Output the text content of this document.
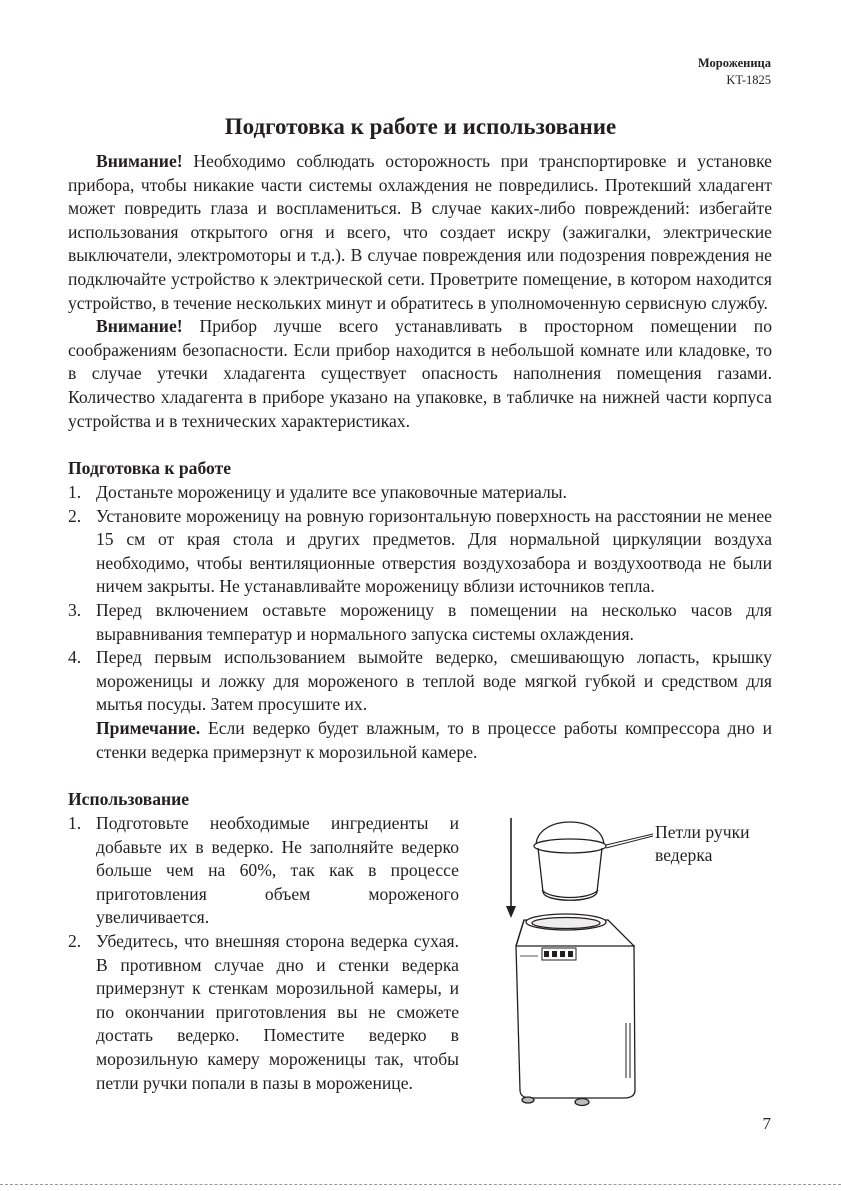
Мороженица
KT-1825
Подготовка к работе и использование

Внимание! Необходимо соблюдать осторожность при транспортировке и установке прибора, чтобы никакие части системы охлаждения не повредились. Протекший хладагент может повредить глаза и воспламениться. В случае каких-либо повреждений: избегайте использования открытого огня и всего, что создает искру (зажигалки, электрические выключатели, электромоторы и т.д.). В случае повреждения или подозрения повреждения не подключайте устройство к электрической сети. Проветрите помещение, в котором находится устройство, в течение нескольких минут и обратитесь в уполномоченную сервисную службу.

Внимание! Прибор лучше всего устанавливать в просторном помещении по соображениям безопасности. Если прибор находится в небольшой комнате или кладовке, то в случае утечки хладагента существует опасность наполнения помещения газами. Количество хладагента в приборе указано на упаковке, в табличке на нижней части корпуса устройства и в технических характеристиках.

Подготовка к работе

1. Достаньте мороженицу и удалите все упаковочные материалы.

2. Установите мороженицу на ровную горизонтальную поверхность на расстоянии не менее 15 см от края стола и других предметов. Для нормальной циркуляции воздуха необходимо, чтобы вентиляционные отверстия воздухозабора и воздухоотвода не были ничем закрыты. Не устанавливайте мороженицу вблизи источников тепла.

3. Перед включением оставьте мороженицу в помещении на несколько часов для выравнивания температур и нормального запуска системы охлаждения.

4. Перед первым использованием вымойте ведерко, смешивающую лопасть, крышку мороженицы и ложку для мороженого в теплой воде мягкой губкой и средством для мытья посуды. Затем просушите их.

Примечание. Если ведерко будет влажным, то в процессе работы компрессора дно и стенки ведерка примерзнут к морозильной камере.

Использование

1. Подготовьте необходимые ингредиенты и добавьте их в ведерко. Не заполняйте ведерко больше чем на 60%, так как в процессе приготовления объем мороженого увеличивается.

2. Убедитесь, что внешняя сторона ведерка сухая. В противном случае дно и стенки ведерка примерзнут к стенкам морозильной камеры, и по окончании приготовления вы не сможете достать ведерко. Поместите ведерко в морозильную камеру мороженицы так, чтобы петли ручки попали в пазы в мороженице.

Петли ручки
ведерка
7
